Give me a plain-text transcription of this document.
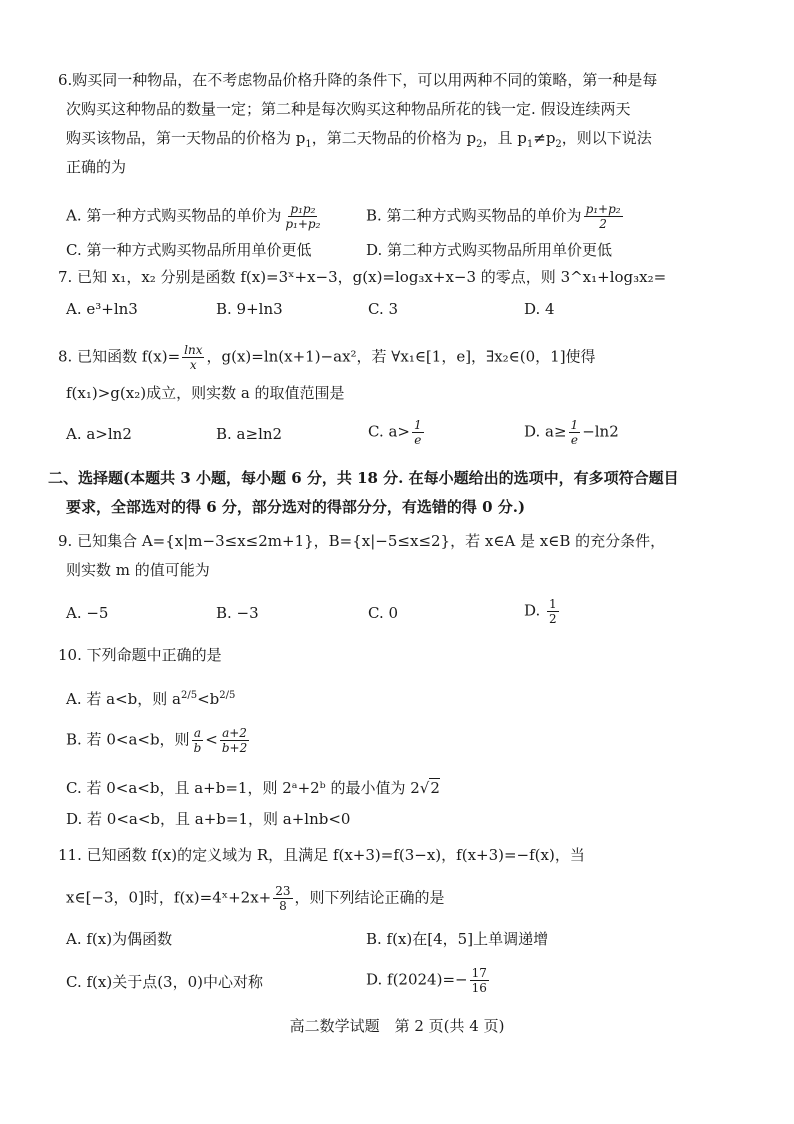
6.购买同一种物品，在不考虑物品价格升降的条件下，可以用两种不同的策略，第一种是每
次购买这种物品的数量一定；第二种是每次购买这种物品所花的钱一定. 假设连续两天
购买该物品，第一天物品的价格为 $p_1$，第二天物品的价格为 $p_2$，且 $p_1\ne p_2$，则以下说法
正确的为
A. 第一种方式购买物品的单价为 $\frac{\text{p₁p₂}}{\text{p₁+p₂}}$	B. 第二种方式购买物品的单价为 $\frac{\text{p₁+p₂}}{2}$
C. 第一种方式购买物品所用单价更低	D. 第二种方式购买物品所用单价更低
7. 已知 x₁，x₂ 分别是函数 f(x)=3ˣ+x−3，g(x)=log₃x+x−3 的零点，则 3^x₁+log₃x₂=
A. e³+ln3	B. 9+ln3	C. 3	D. 4
8. 已知函数 $f(x)= \frac{\ln x}{x}$ ，g(x)=ln(x+1)−ax²，若 ∀x₁∈[1，e]，∃x₂∈(0，1]使得
f(x₁)>g(x₂)成立，则实数 a 的取值范围是
A. a>ln2	B. a≥ln2	C. $a> \frac{1}{e}$	D. $a\ge \frac{1}{e} -\ln 2$
二、选择题(本题共 3 小题，每小题 6 分，共 18 分. 在每小题给出的选项中，有多项符合题目
要求，全部选对的得 6 分，部分选对的得部分分，有选错的得 0 分.)
9. 已知集合 A={x|m−3≤x≤2m+1}，B={x|−5≤x≤2}，若 x∈A 是 x∈B 的充分条件，
则实数 m 的值可能为
A. −5	B. −3	C. 0	D. $\frac{1}{2}$
10. 下列命题中正确的是
A. 若 a<b，则 $a^{2/5}<b^{2/5}$
B. 若 0<a<b，则 $\frac{a}{b} < \frac{a+2}{b+2}$
C. 若 0<a<b，且 a+b=1，则 2ᵃ+2ᵇ 的最小值为 2√2
D. 若 0<a<b，且 a+b=1，则 a+lnb<0
11. 已知函数 f(x)的定义域为 R，且满足 f(x+3)=f(3−x)，f(x+3)=−f(x)，当
x∈[−3，0]时，f(x)=4ˣ+2x+ $\frac{23}{8}$ ，则下列结论正确的是
A. f(x)为偶函数	B. f(x)在[4，5]上单调递增
C. f(x)关于点(3，0)中心对称	D. $f(2024)=- \frac{17}{16}$
高二数学试题　第 2 页(共 4 页)
